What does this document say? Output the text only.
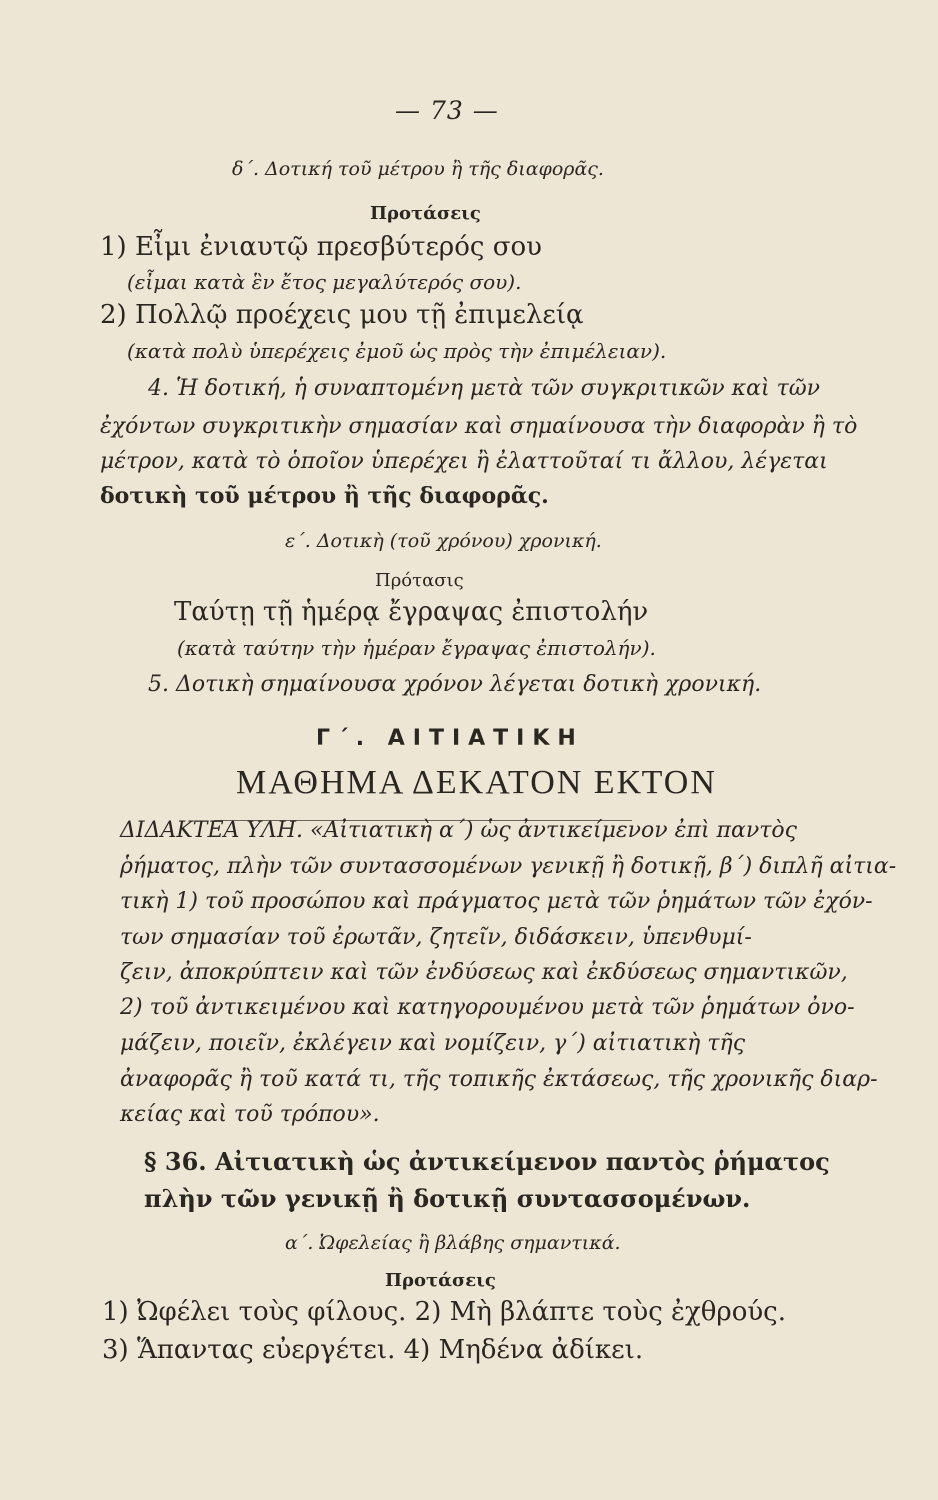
— 73 —
δ΄. Δοτική τοῦ μέτρου ἢ τῆς διαφορᾶς.
Προτάσεις
1) Εἶμι ἐνιαυτῷ πρεσβύτερός σου
(εἶμαι κατὰ ἓν ἔτος μεγαλύτερός σου).
2) Πολλῷ προέχεις μου τῇ ἐπιμελείᾳ
(κατὰ πολὺ ὑπερέχεις ἐμοῦ ὡς πρὸς τὴν ἐπιμέλειαν).
4. Ἡ δοτική, ἡ συναπτομένη μετὰ τῶν συγκριτικῶν καὶ τῶν
ἐχόντων συγκριτικὴν σημασίαν καὶ σημαίνουσα τὴν διαφορὰν ἢ τὸ
μέτρον, κατὰ τὸ ὁποῖον ὑπερέχει ἢ ἐλαττοῦταί τι ἄλλου, λέγεται
δοτικὴ τοῦ μέτρου ἢ τῆς διαφορᾶς.
ε΄. Δοτικὴ (τοῦ χρόνου) χρονική.
Πρότασις
Ταύτῃ τῇ ἡμέρᾳ ἔγραψας ἐπιστολήν
(κατὰ ταύτην τὴν ἡμέραν ἔγραψας ἐπιστολήν).
5. Δοτικὴ σημαίνουσα χρόνον λέγεται δοτικὴ χρονική.
Γ΄. ΑΙΤΙΑΤΙΚΗ
ΜΑΘΗΜΑ ΔΕΚΑΤΟΝ ΕΚΤΟΝ
ΔΙΔΑΚΤΕΑ ΥΛΗ. «Αἰτιατικὴ α΄) ὡς ἀντικείμενον ἐπὶ παντὸς
ῥήματος, πλὴν τῶν συντασσομένων γενικῇ ἢ δοτικῇ, β΄) διπλῆ αἰτια-
τικὴ 1) τοῦ προσώπου καὶ πράγματος μετὰ τῶν ῥημάτων τῶν ἐχόν-
των σημασίαν τοῦ ἐρωτᾶν, ζητεῖν, διδάσκειν, ὑπενθυμί-
ζειν, ἀποκρύπτειν καὶ τῶν ἐνδύσεως καὶ ἐκδύσεως σημαντικῶν,
2) τοῦ ἀντικειμένου καὶ κατηγορουμένου μετὰ τῶν ῥημάτων ὀνο-
μάζειν, ποιεῖν, ἐκλέγειν καὶ νομίζειν, γ΄) αἰτιατικὴ τῆς
ἀναφορᾶς ἢ τοῦ κατά τι, τῆς τοπικῆς ἐκτάσεως, τῆς χρονικῆς διαρ-
κείας καὶ τοῦ τρόπου».
§ 36. Αἰτιατικὴ ὡς ἀντικείμενον παντὸς ῥήματος
πλὴν τῶν γενικῇ ἢ δοτικῇ συντασσομένων.
α΄. Ὠφελείας ἢ βλάβης σημαντικά.
Προτάσεις
1) Ὠφέλει τοὺς φίλους. 2) Μὴ βλάπτε τοὺς ἐχθρούς.
3) Ἅπαντας εὐεργέτει. 4) Μηδένα ἀδίκει.
